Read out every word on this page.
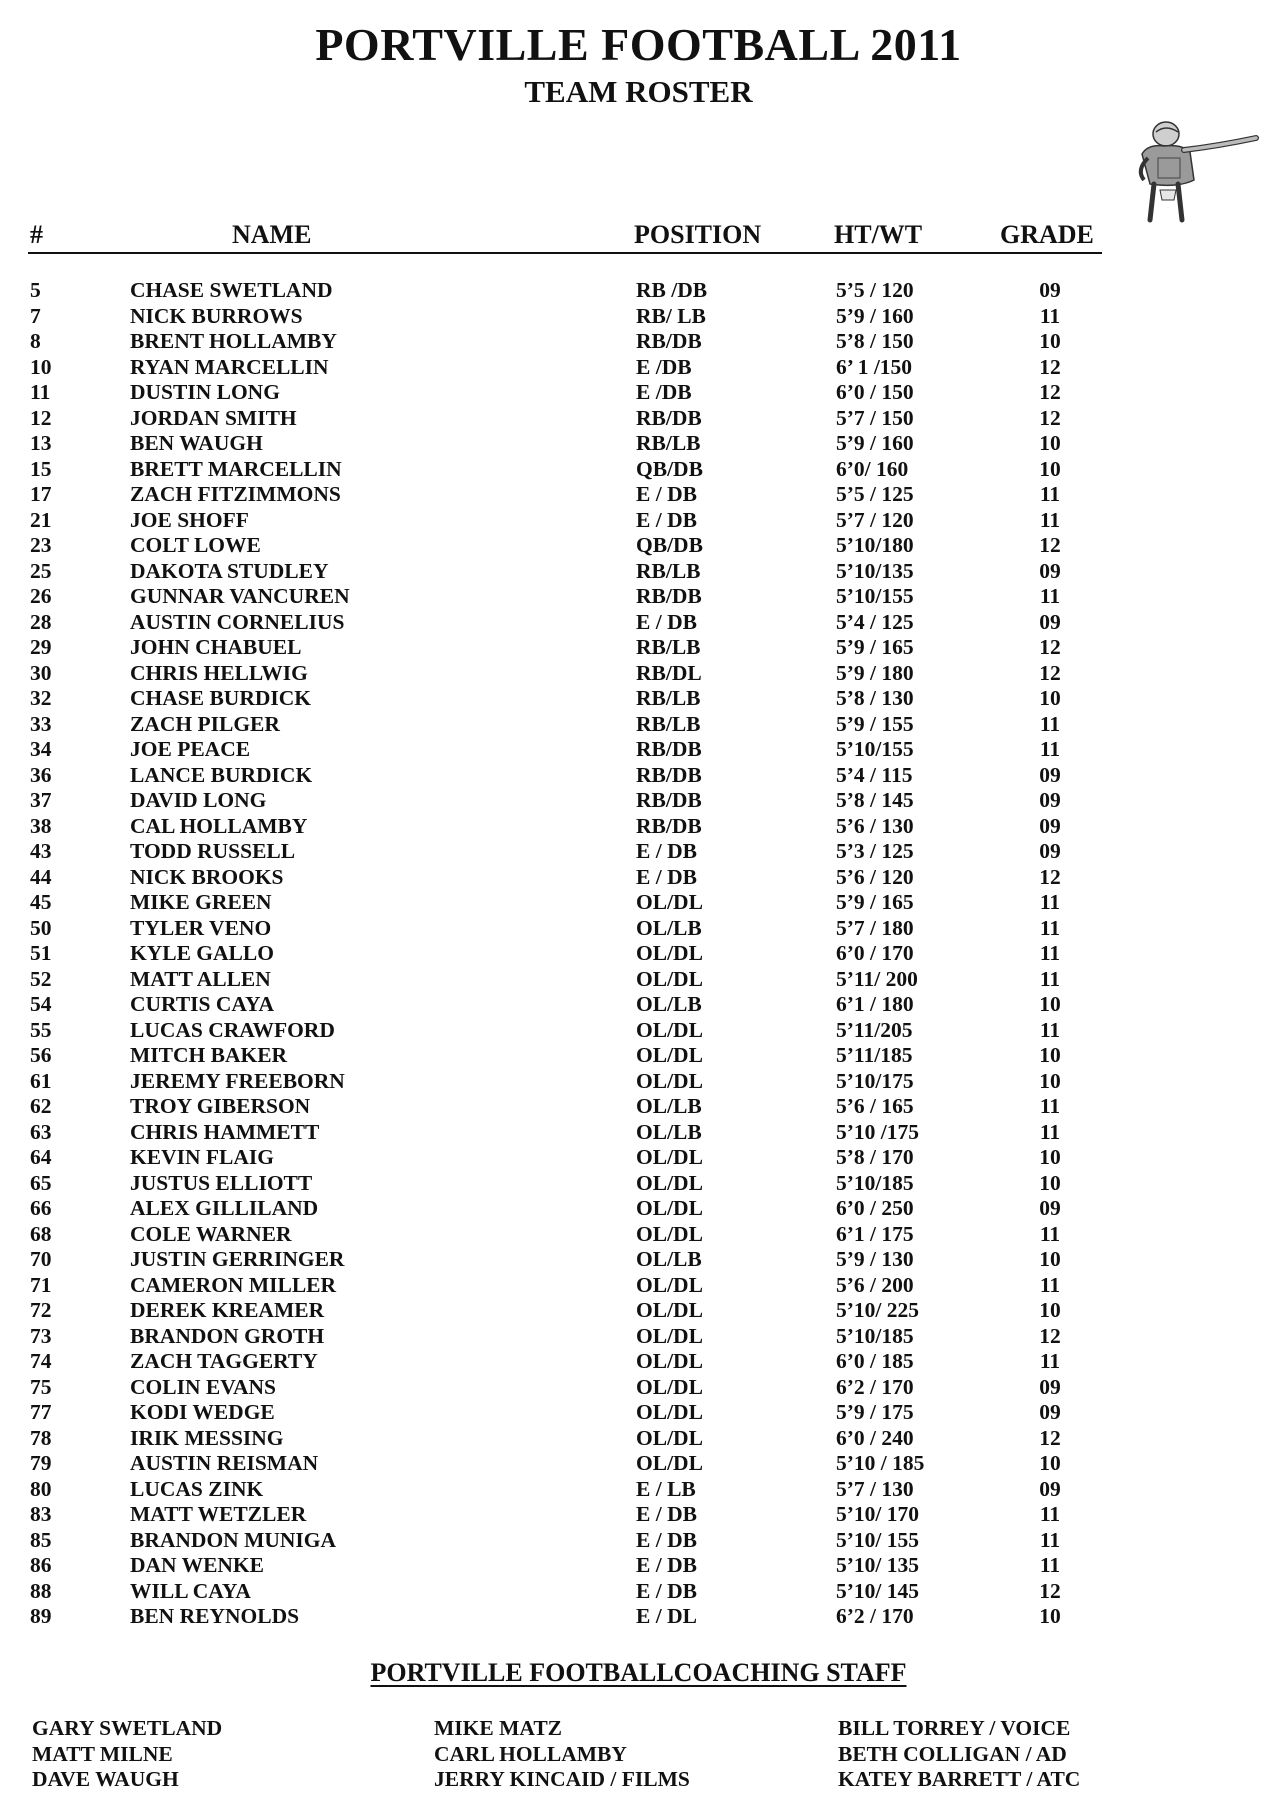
PORTVILLE FOOTBALL 2011
TEAM ROSTER
#	NAME	POSITION	HT/WT	GRADE
5	CHASE SWETLAND	RB /DB	5’5 / 120	09
7	NICK BURROWS	RB/ LB	5’9 / 160	11
8	BRENT HOLLAMBY	RB/DB	5’8 / 150	10
10	RYAN MARCELLIN	E /DB	6’ 1 /150	12
11	DUSTIN LONG	E /DB	6’0 / 150	12
12	JORDAN SMITH	RB/DB	5’7 / 150	12
13	BEN WAUGH	RB/LB	5’9 / 160	10
15	BRETT MARCELLIN	QB/DB	6’0/ 160	10
17	ZACH FITZIMMONS	E / DB	5’5 / 125	11
21	JOE SHOFF	E / DB	5’7 / 120	11
23	COLT LOWE	QB/DB	5’10/180	12
25	DAKOTA STUDLEY	RB/LB	5’10/135	09
26	GUNNAR VANCUREN	RB/DB	5’10/155	11
28	AUSTIN CORNELIUS	E / DB	5’4 / 125	09
29	JOHN CHABUEL	RB/LB	5’9 / 165	12
30	CHRIS HELLWIG	RB/DL	5’9 / 180	12
32	CHASE BURDICK	RB/LB	5’8 / 130	10
33	ZACH PILGER	RB/LB	5’9 / 155	11
34	JOE PEACE	RB/DB	5’10/155	11
36	LANCE BURDICK	RB/DB	5’4 / 115	09
37	DAVID LONG	RB/DB	5’8 / 145	09
38	CAL HOLLAMBY	RB/DB	5’6 / 130	09
43	TODD RUSSELL	E / DB	5’3 / 125	09
44	NICK BROOKS	E / DB	5’6 / 120	12
45	MIKE GREEN	OL/DL	5’9 / 165	11
50	TYLER VENO	OL/LB	5’7 / 180	11
51	KYLE GALLO	OL/DL	6’0 / 170	11
52	MATT ALLEN	OL/DL	5’11/ 200	11
54	CURTIS CAYA	OL/LB	6’1 / 180	10
55	LUCAS CRAWFORD	OL/DL	5’11/205	11
56	MITCH BAKER	OL/DL	5’11/185	10
61	JEREMY FREEBORN	OL/DL	5’10/175	10
62	TROY GIBERSON	OL/LB	5’6 / 165	11
63	CHRIS HAMMETT	OL/LB	5’10 /175	11
64	KEVIN FLAIG	OL/DL	5’8 / 170	10
65	JUSTUS ELLIOTT	OL/DL	5’10/185	10
66	ALEX GILLILAND	OL/DL	6’0 / 250	09
68	COLE WARNER	OL/DL	6’1 / 175	11
70	JUSTIN GERRINGER	OL/LB	5’9 / 130	10
71	CAMERON MILLER	OL/DL	5’6 / 200	11
72	DEREK KREAMER	OL/DL	5’10/ 225	10
73	BRANDON GROTH	OL/DL	5’10/185	12
74	ZACH TAGGERTY	OL/DL	6’0 / 185	11
75	COLIN EVANS	OL/DL	6’2 / 170	09
77	KODI WEDGE	OL/DL	5’9 / 175	09
78	IRIK MESSING	OL/DL	6’0 / 240	12
79	AUSTIN REISMAN	OL/DL	5’10 / 185	10
80	LUCAS ZINK	E / LB	5’7 / 130	09
83	MATT WETZLER	E / DB	5’10/ 170	11
85	BRANDON MUNIGA	E / DB	5’10/ 155	11
86	DAN WENKE	E / DB	5’10/ 135	11
88	WILL CAYA	E / DB	5’10/ 145	12
89	BEN REYNOLDS	E / DL	6’2 / 170	10
PORTVILLE FOOTBALLCOACHING STAFF
GARY SWETLAND
MATT MILNE
DAVE WAUGH
MIKE MATZ
CARL HOLLAMBY
JERRY KINCAID / FILMS
BILL TORREY / VOICE
BETH COLLIGAN / AD
KATEY BARRETT / ATC
